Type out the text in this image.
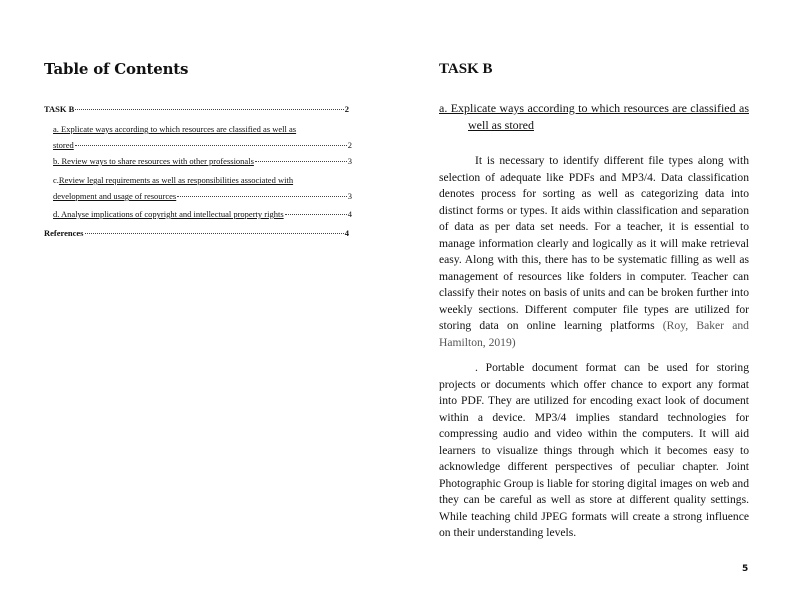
Table of Contents
TASK B	2
a. Explicate ways according to which resources are classified as well as
stored	2
b. Review ways to share resources with other professionals	3
c. Review legal requirements as well as responsibilities associated with
development and usage of resources	3
d. Analyse implications of copyright and intellectual property rights	4
References	4
TASK B
a. Explicate ways according to which resources are classified as well as stored

It is necessary to identify different file types along with selection of adequate like PDFs and MP3/4. Data classification denotes process for sorting as well as categorizing data into distinct forms or types. It aids within classification and separation of data as per data set needs. For a teacher, it is essential to manage information clearly and logically as it will make retrieval easy. Along with this, there has to be systematic filling as well as management of resources like folders in computer. Teacher can classify their notes on basis of units and can be broken further into weekly sections. Different computer file types are utilized for storing data on online learning platforms (Roy, Baker and Hamilton, 2019)

. Portable document format can be used for storing projects or documents which offer chance to export any format into PDF. They are utilized for encoding exact look of document within a device. MP3/4 implies standard technologies for compressing audio and video within the computers. It will aid learners to visualize things through which it becomes easy to acknowledge different perspectives of peculiar chapter. Joint Photographic Group is liable for storing digital images on web and they can be careful as well as store at different quality settings. While teaching child JPEG formats will create a strong influence on their understanding levels.

5
